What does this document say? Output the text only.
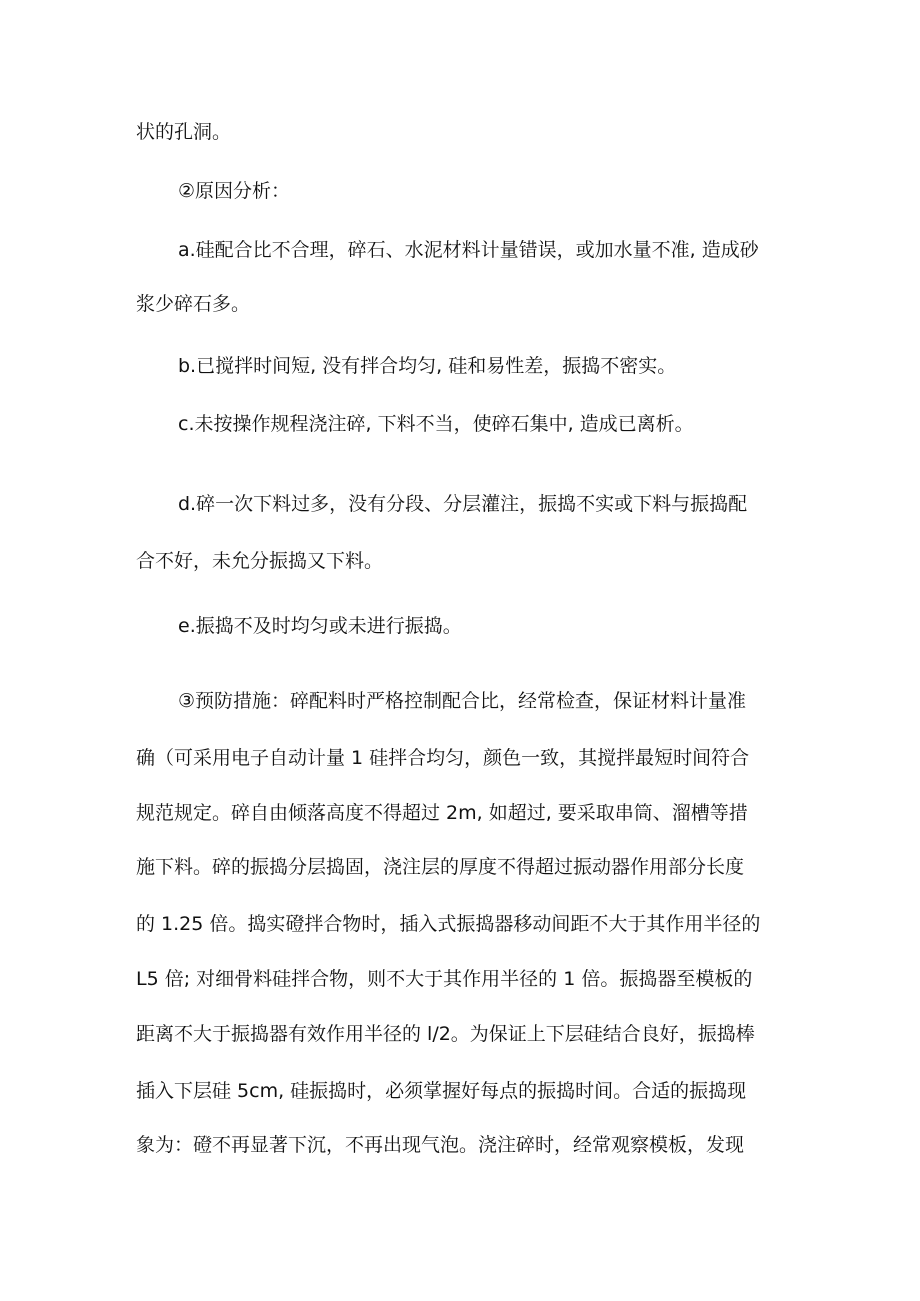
状的孔洞。
②原因分析：
a.硅配合比不合理，碎石、水泥材料计量错误，或加水量不准, 造成砂
浆少碎石多。
b.已搅拌时间短, 没有拌合均匀, 硅和易性差，振捣不密实。
c.未按操作规程浇注碎, 下料不当，使碎石集中, 造成已离析。
d.碎一次下料过多，没有分段、分层灌注，振捣不实或下料与振捣配
合不好，未允分振捣又下料。
e.振捣不及时均匀或未进行振捣。
③预防措施：碎配料时严格控制配合比，经常检查，保证材料计量准
确（可采用电子自动计量 1 硅拌合均匀，颜色一致，其搅拌最短时间符合
规范规定。碎自由倾落高度不得超过 2m, 如超过, 要采取串筒、溜槽等措
施下料。碎的振捣分层捣固，浇注层的厚度不得超过振动器作用部分长度
的 1.25 倍。捣实磴拌合物时，插入式振捣器移动间距不大于其作用半径的
L5 倍; 对细骨料硅拌合物，则不大于其作用半径的 1 倍。振捣器至模板的
距离不大于振捣器有效作用半径的 l/2。为保证上下层硅结合良好，振捣棒
插入下层硅 5cm, 硅振捣时，必须掌握好每点的振捣时间。合适的振捣现
象为：磴不再显著下沉，不再出现气泡。浇注碎时，经常观察模板，发现
